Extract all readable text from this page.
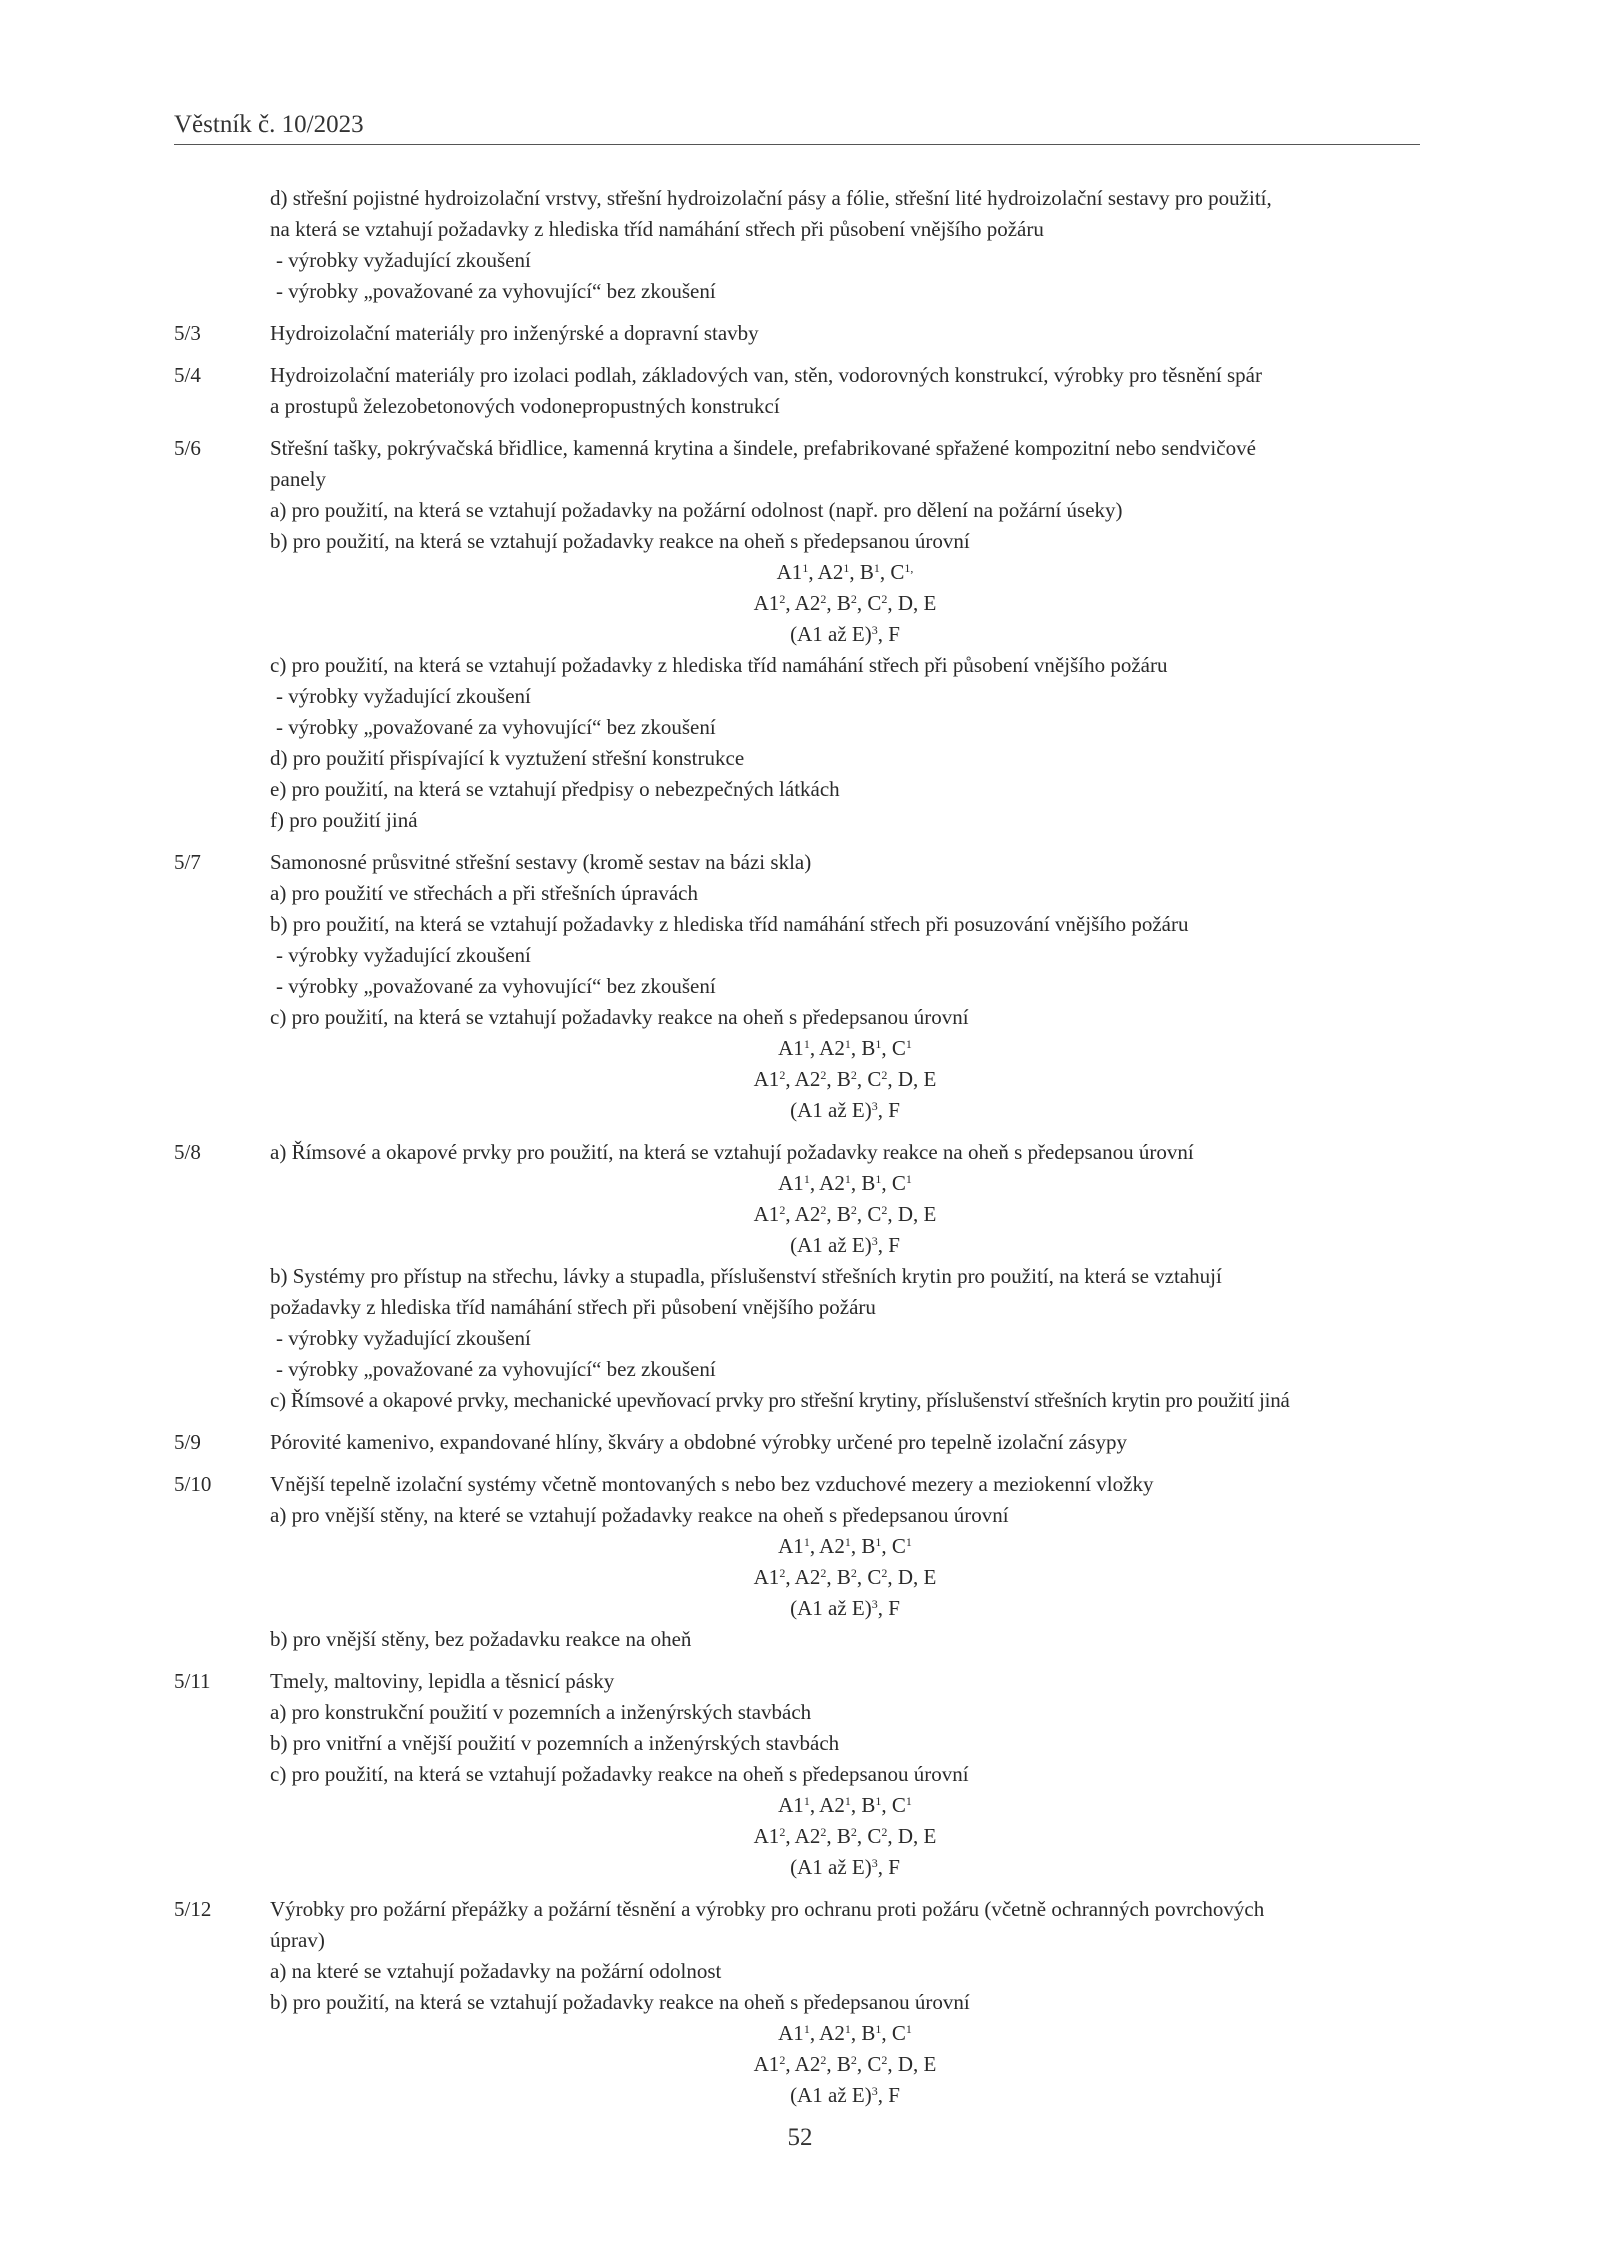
Věstník č. 10/2023
d) střešní pojistné hydroizolační vrstvy, střešní hydroizolační pásy a fólie, střešní lité hydroizolační sestavy pro použití,
na která se vztahují požadavky z hlediska tříd namáhání střech při působení vnějšího požáru
- výrobky vyžadující zkoušení
- výrobky „považované za vyhovující“ bez zkoušení
5/3	Hydroizolační materiály pro inženýrské a dopravní stavby
5/4	Hydroizolační materiály pro izolaci podlah, základových van, stěn, vodorovných konstrukcí, výrobky pro těsnění spár
a prostupů železobetonových vodonepropustných konstrukcí
5/6	Střešní tašky, pokrývačská břidlice, kamenná krytina a šindele, prefabrikované spřažené kompozitní nebo sendvičové
panely
a) pro použití, na která se vztahují požadavky na požární odolnost (např. pro dělení na požární úseky)
b) pro použití, na která se vztahují požadavky reakce na oheň s předepsanou úrovní
$A1^1$, $A2^1$, $B^1$, $C^{1,}$
$A1^2$, $A2^2$, $B^2$, $C^2$, D, E
(A1 až E)$^3$, F
c) pro použití, na která se vztahují požadavky z hlediska tříd namáhání střech při působení vnějšího požáru
- výrobky vyžadující zkoušení
- výrobky „považované za vyhovující“ bez zkoušení
d) pro použití přispívající k vyztužení střešní konstrukce
e) pro použití, na která se vztahují předpisy o nebezpečných látkách
f) pro použití jiná
5/7	Samonosné průsvitné střešní sestavy (kromě sestav na bázi skla)
a) pro použití ve střechách a při střešních úpravách
b) pro použití, na která se vztahují požadavky z hlediska tříd namáhání střech při posuzování vnějšího požáru
- výrobky vyžadující zkoušení
- výrobky „považované za vyhovující“ bez zkoušení
c) pro použití, na která se vztahují požadavky reakce na oheň s předepsanou úrovní
$A1^1$, $A2^1$, $B^1$, $C^1$
$A1^2$, $A2^2$, $B^2$, $C^2$, D, E
(A1 až E)$^3$, F
5/8	a) Římsové a okapové prvky pro použití, na která se vztahují požadavky reakce na oheň s předepsanou úrovní
$A1^1$, $A2^1$, $B^1$, $C^1$
$A1^2$, $A2^2$, $B^2$, $C^2$, D, E
(A1 až E)$^3$, F
b) Systémy pro přístup na střechu, lávky a stupadla, příslušenství střešních krytin pro použití, na která se vztahují
požadavky z hlediska tříd namáhání střech při působení vnějšího požáru
- výrobky vyžadující zkoušení
- výrobky „považované za vyhovující“ bez zkoušení
c) Římsové a okapové prvky, mechanické upevňovací prvky pro střešní krytiny, příslušenství střešních krytin pro použití jiná
5/9	Pórovité kamenivo, expandované hlíny, škváry a obdobné výrobky určené pro tepelně izolační zásypy
5/10	Vnější tepelně izolační systémy včetně montovaných s nebo bez vzduchové mezery a meziokenní vložky
a) pro vnější stěny, na které se vztahují požadavky reakce na oheň s předepsanou úrovní
$A1^1$, $A2^1$, $B^1$, $C^1$
$A1^2$, $A2^2$, $B^2$, $C^2$, D, E
(A1 až E)$^3$, F
b) pro vnější stěny, bez požadavku reakce na oheň
5/11	Tmely, maltoviny, lepidla a těsnicí pásky
a) pro konstrukční použití v pozemních a inženýrských stavbách
b) pro vnitřní a vnější použití v pozemních a inženýrských stavbách
c) pro použití, na která se vztahují požadavky reakce na oheň s předepsanou úrovní
$A1^1$, $A2^1$, $B^1$, $C^1$
$A1^2$, $A2^2$, $B^2$, $C^2$, D, E
(A1 až E)$^3$, F
5/12	Výrobky pro požární přepážky a požární těsnění a výrobky pro ochranu proti požáru (včetně ochranných povrchových
úprav)
a) na které se vztahují požadavky na požární odolnost
b) pro použití, na která se vztahují požadavky reakce na oheň s předepsanou úrovní
$A1^1$, $A2^1$, $B^1$, $C^1$
$A1^2$, $A2^2$, $B^2$, $C^2$, D, E
(A1 až E)$^3$, F
52
